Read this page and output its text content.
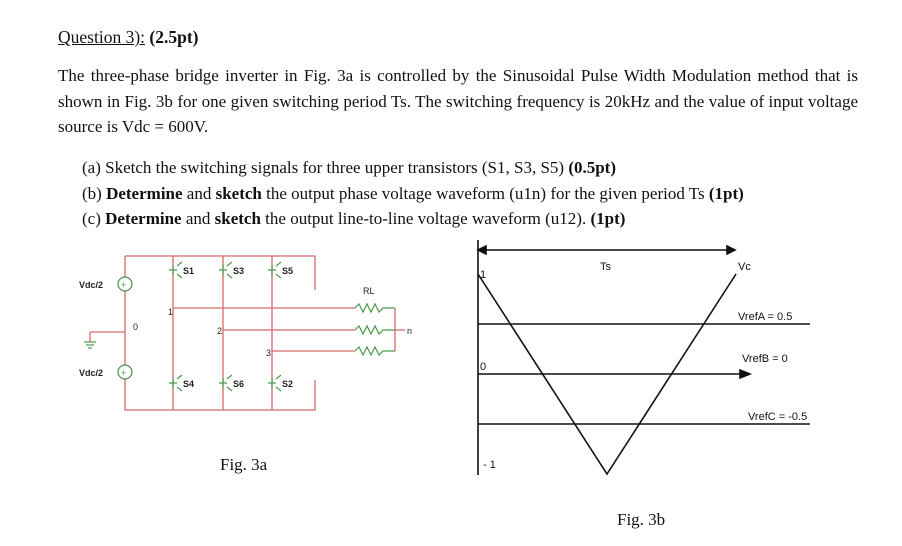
Question 3): (2.5pt)
The three-phase bridge inverter in Fig. 3a is controlled by the Sinusoidal Pulse Width Modulation method that is shown in Fig. 3b for one given switching period Ts. The switching frequency is 20kHz and the value of input voltage source is Vdc = 600V.
(a) Sketch the switching signals for three upper transistors (S1, S3, S5) (0.5pt)
(b) Determine and sketch the output phase voltage waveform (u1n) for the given period Ts (1pt)
(c) Determine and sketch the output line-to-line voltage waveform (u12). (1pt)
+
+
Vdc/2
Vdc/2
0
1
2
3
n
RL
S1	S3	S5
S4	S6	S2
Fig. 3a
1
0
- 1
Ts	Vc
VrefA = 0.5
VrefB = 0
VrefC = -0.5
Fig. 3b
